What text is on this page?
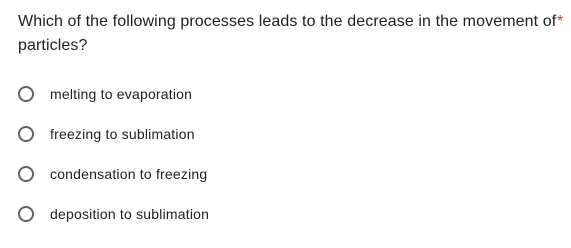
Which of the following processes leads to the decrease in the movement of particles?
*
melting to evaporation
freezing to sublimation
condensation to freezing
deposition to sublimation
